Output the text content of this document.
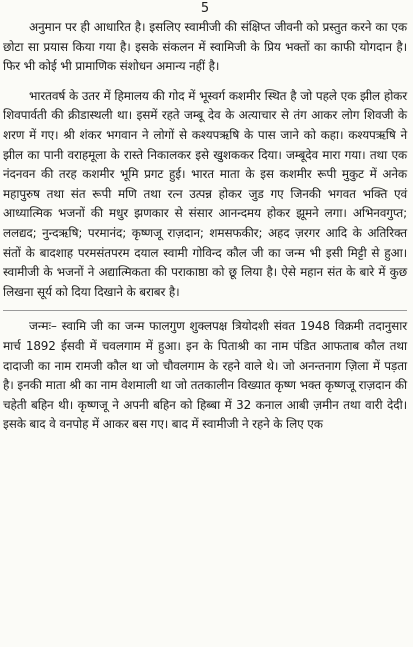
5

अनुमान पर ही आधारित है। इसलिए स्वामीजी की संक्षिप्त जीवनी को प्रस्तुत करने का एक छोटा सा प्रयास किया गया है। इसके संकलन में स्वामिजी के प्रिय भक्तों का काफी योगदान है। फिर भी कोई भी प्रामाणिक संशोधन अमान्य नहीं है।

भारतवर्ष के उतर में हिमालय की गोद में भूस्वर्ग कशमीर स्थित है जो पहले एक झील होकर शिवपार्वती की क्रीडास्थली था। इसमें रहते जम्बू देव के अत्याचार से तंग आकर लोग शिवजी के शरण में गए। श्री शंकर भगवान ने लोगों से कश्यपऋषि के पास जाने को कहा। कश्यपऋषि ने झील का पानी वराहमूला के रास्ते निकालकर इसे खुशककर दिया। जम्बूदेव मारा गया। तथा एक नंदनवन की तरह कशमीर भूमि प्रगट हुई। भारत माता के इस कशमीर रूपी मुकुट में अनेक महापुरुष तथा संत रूपी मणि तथा रत्न उत्पन्न होकर जुड गए जिनकी भगवत भक्ति एवं आध्यात्मिक भजनों की मधुर झणकार से संसार आनन्दमय होकर झूमने लगा। अभिनवगुप्त; ललद्यद; नुन्दऋषि; परमानंद; कृष्णजू राज़दान; शमसफकीर; अहद ज़रगर आदि के अतिरिक्त संतों के बादशाह परमसंतपरम दयाल स्वामी गोविन्द कौल जी का जन्म भी इसी मिट्टी से हुआ। स्वामीजी के भजनों ने अद्यात्मिकता की पराकाष्ठा को छू लिया है। ऐसे महान संत के बारे में कुछ लिखना सूर्य को दिया दिखाने के बराबर है।

जन्मः– स्वामि जी का जन्म फालगुण शुक्लपक्ष त्रियोदशी संवत 1948 विक्रमी तदानुसार मार्च 1892 ईसवी में चवलगाम में हुआ। इन के पिताश्री का नाम पंडित आफताब कौल तथा दादाजी का नाम रामजी कौल था जो चौवलगाम के रहने वाले थे। जो अनन्तनाग ज़िला में पड़ता है। इनकी माता श्री का नाम वेशमाली था जो ततकालीन विख्यात कृष्ण भक्त कृष्णजू राज़दान की चहेती बहिन थी। कृष्णजू ने अपनी बहिन को हिब्बा में 32 कनाल आबी ज़मीन तथा वारी देदी। इसके बाद वे वनपोह में आकर बस गए। बाद में स्वामीजी ने रहने के लिए एक
